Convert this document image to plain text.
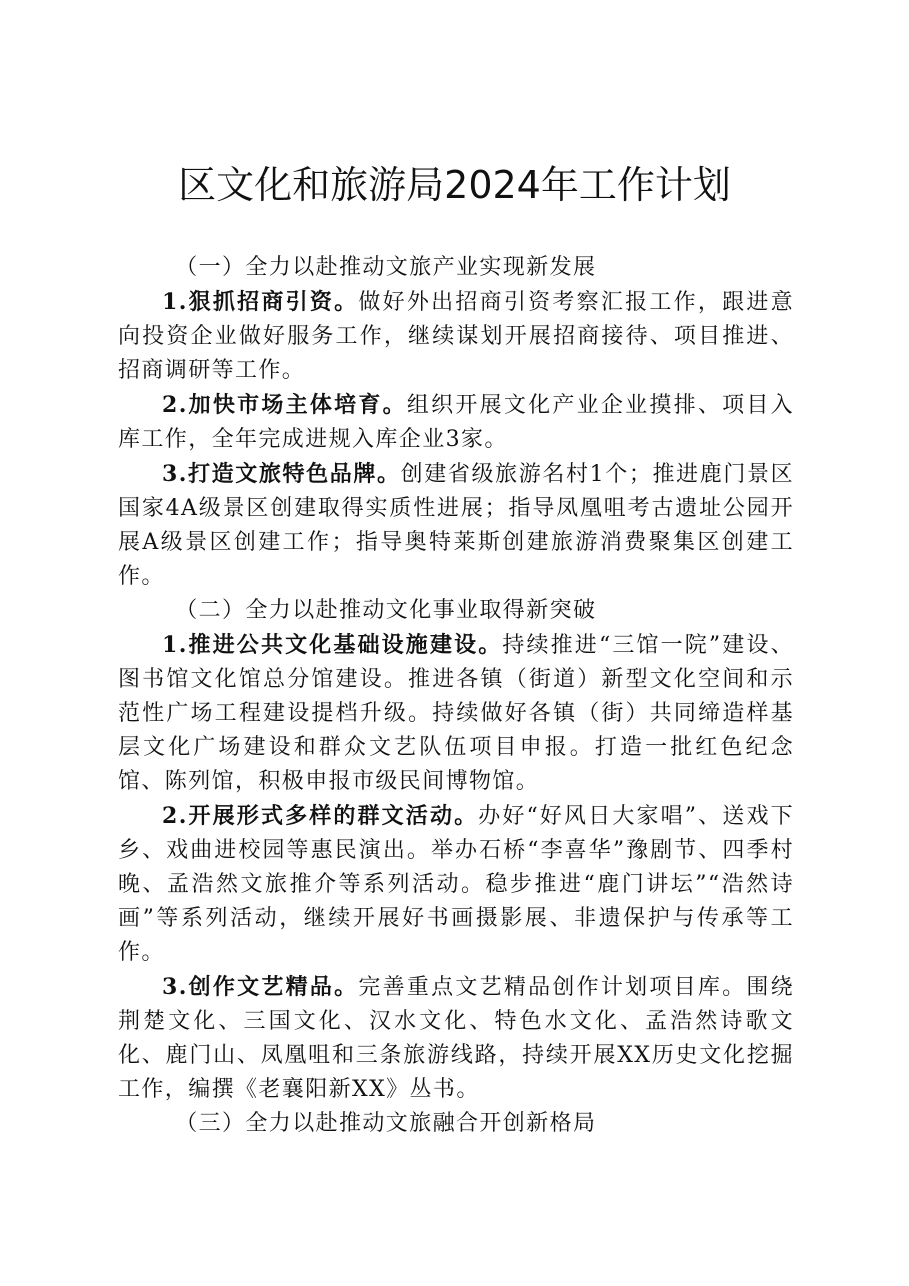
区文化和旅游局2024年工作计划

（一）全力以赴推动文旅产业实现新发展

1.狠抓招商引资。做好外出招商引资考察汇报工作，跟进意向投资企业做好服务工作，继续谋划开展招商接待、项目推进、招商调研等工作。

2.加快市场主体培育。组织开展文化产业企业摸排、项目入库工作，全年完成进规入库企业3家。

3.打造文旅特色品牌。创建省级旅游名村1个；推进鹿门景区国家4A级景区创建取得实质性进展；指导凤凰咀考古遗址公园开展A级景区创建工作；指导奥特莱斯创建旅游消费聚集区创建工作。

（二）全力以赴推动文化事业取得新突破

1.推进公共文化基础设施建设。持续推进“三馆一院”建设、图书馆文化馆总分馆建设。推进各镇（街道）新型文化空间和示范性广场工程建设提档升级。持续做好各镇（街）共同缔造样基层文化广场建设和群众文艺队伍项目申报。打造一批红色纪念馆、陈列馆，积极申报市级民间博物馆。

2.开展形式多样的群文活动。办好“好风日大家唱”、送戏下乡、戏曲进校园等惠民演出。举办石桥“李喜华”豫剧节、四季村晚、孟浩然文旅推介等系列活动。稳步推进“鹿门讲坛”“浩然诗画”等系列活动，继续开展好书画摄影展、非遗保护与传承等工作。

3.创作文艺精品。完善重点文艺精品创作计划项目库。围绕荆楚文化、三国文化、汉水文化、特色水文化、孟浩然诗歌文化、鹿门山、凤凰咀和三条旅游线路，持续开展XX历史文化挖掘工作，编撰《老襄阳新XX》丛书。

（三）全力以赴推动文旅融合开创新格局
